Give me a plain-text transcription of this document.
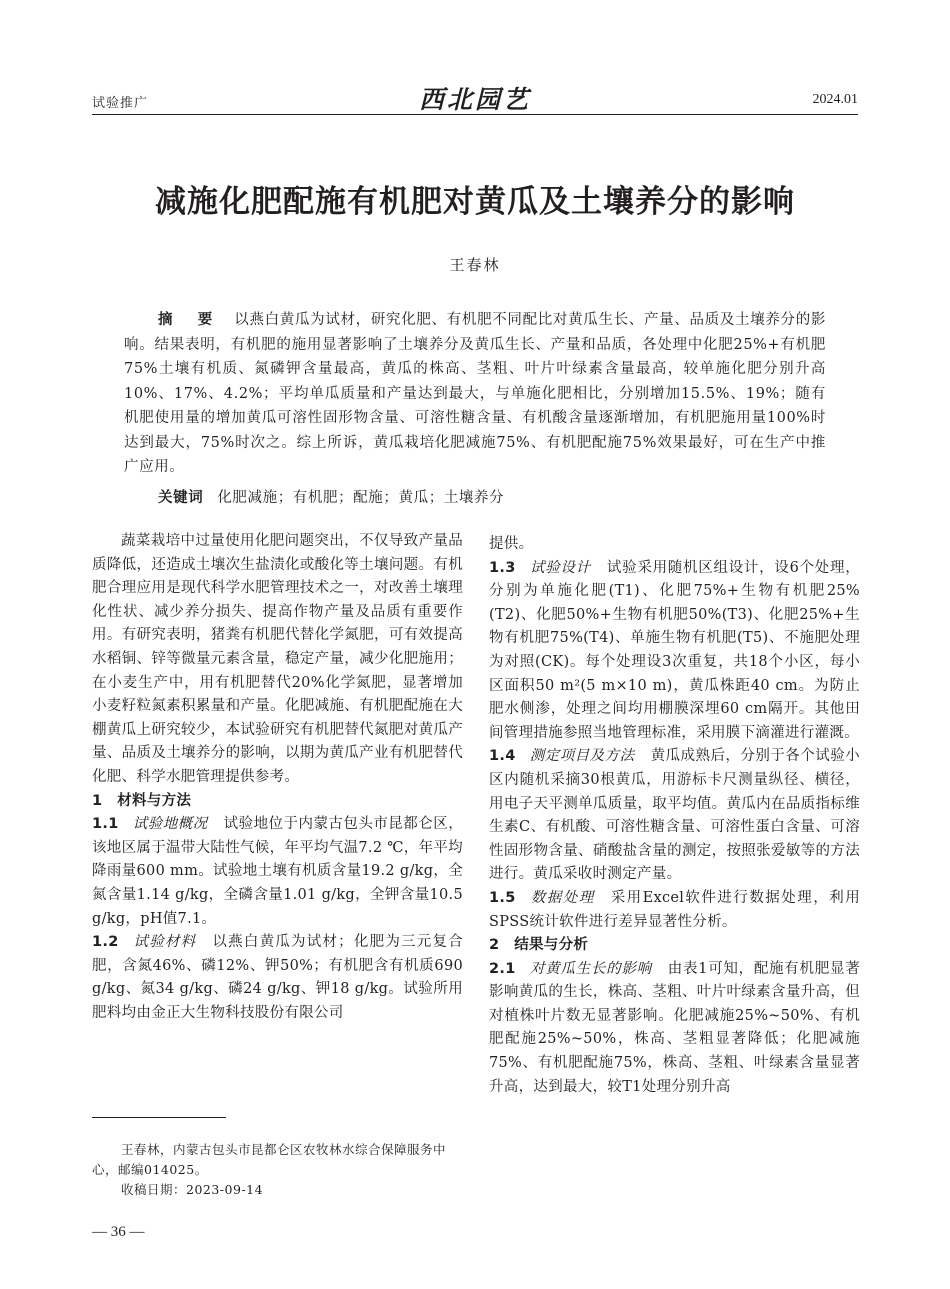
试验推广	西北园艺	2024.01
减施化肥配施有机肥对黄瓜及土壤养分的影响
王春林
摘 要 以燕白黄瓜为试材，研究化肥、有机肥不同配比对黄瓜生长、产量、品质及土壤养分的影响。结果表明，有机肥的施用显著影响了土壤养分及黄瓜生长、产量和品质，各处理中化肥25%+有机肥75%土壤有机质、氮磷钾含量最高，黄瓜的株高、茎粗、叶片叶绿素含量最高，较单施化肥分别升高10%、17%、4.2%；平均单瓜质量和产量达到最大，与单施化肥相比，分别增加15.5%、19%；随有机肥使用量的增加黄瓜可溶性固形物含量、可溶性糖含量、有机酸含量逐渐增加，有机肥施用量100%时达到最大，75%时次之。综上所诉，黄瓜栽培化肥减施75%、有机肥配施75%效果最好，可在生产中推广应用。
关键词 化肥减施；有机肥；配施；黄瓜；土壤养分

蔬菜栽培中过量使用化肥问题突出，不仅导致产量品质降低，还造成土壤次生盐渍化或酸化等土壤问题。有机肥合理应用是现代科学水肥管理技术之一，对改善土壤理化性状、减少养分损失、提高作物产量及品质有重要作用。有研究表明，猪粪有机肥代替化学氮肥，可有效提高水稻铜、锌等微量元素含量，稳定产量，减少化肥施用；在小麦生产中，用有机肥替代20%化学氮肥，显著增加小麦籽粒氮素积累量和产量。化肥减施、有机肥配施在大棚黄瓜上研究较少，本试验研究有机肥替代氮肥对黄瓜产量、品质及土壤养分的影响，以期为黄瓜产业有机肥替代化肥、科学水肥管理提供参考。

1　材料与方法

1.1 试验地概况 试验地位于内蒙古包头市昆都仑区，该地区属于温带大陆性气候，年平均气温7.2 ℃，年平均降雨量600 mm。试验地土壤有机质含量19.2 g/kg，全氮含量1.14 g/kg，全磷含量1.01 g/kg，全钾含量10.5 g/kg，pH值7.1。

1.2 试验材料 以燕白黄瓜为试材；化肥为三元复合肥，含氮46%、磷12%、钾50%；有机肥含有机质690 g/kg、氮34 g/kg、磷24 g/kg、钾18 g/kg。试验所用肥料均由金正大生物科技股份有限公司

提供。

1.3 试验设计 试验采用随机区组设计，设6个处理，分别为单施化肥(T1)、化肥75%+生物有机肥25%(T2)、化肥50%+生物有机肥50%(T3)、化肥25%+生物有机肥75%(T4)、单施生物有机肥(T5)、不施肥处理为对照(CK)。每个处理设3次重复，共18个小区，每小区面积50 m²(5 m×10 m)，黄瓜株距40 cm。为防止肥水侧渗，处理之间均用棚膜深埋60 cm隔开。其他田间管理措施参照当地管理标准，采用膜下滴灌进行灌溉。

1.4 测定项目及方法 黄瓜成熟后，分别于各个试验小区内随机采摘30根黄瓜，用游标卡尺测量纵径、横径，用电子天平测单瓜质量，取平均值。黄瓜内在品质指标维生素C、有机酸、可溶性糖含量、可溶性蛋白含量、可溶性固形物含量、硝酸盐含量的测定，按照张爱敏等的方法进行。黄瓜采收时测定产量。

1.5 数据处理 采用Excel软件进行数据处理，利用SPSS统计软件进行差异显著性分析。

2　结果与分析

2.1 对黄瓜生长的影响 由表1可知，配施有机肥显著影响黄瓜的生长，株高、茎粗、叶片叶绿素含量升高，但对植株叶片数无显著影响。化肥减施25%~50%、有机肥配施25%~50%，株高、茎粗显著降低；化肥减施75%、有机肥配施75%，株高、茎粗、叶绿素含量显著升高，达到最大，较T1处理分别升高

王春林，内蒙古包头市昆都仑区农牧林水综合保障服务中心，邮编014025。

收稿日期：2023-09-14

— 36 —
